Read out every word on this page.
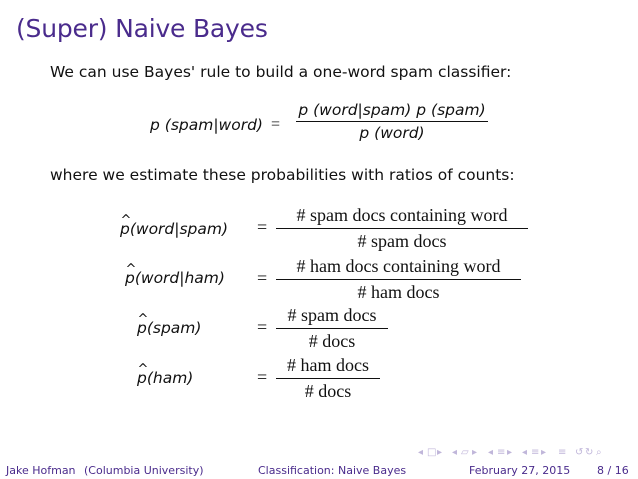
(Super) Naive Bayes
We can use Bayes' rule to build a one-word spam classifier:
p (spam|word) =
p (word|spam) p (spam)
p (word)
where we estimate these probabilities with ratios of counts:
^ p(word|spam) =
# spam docs containing word
# spam docs
^ p(word|ham) =
# ham docs containing word
# ham docs
^ p(spam)	=
# spam docs
# docs
^ p(ham)	=
# ham docs
# docs
◂ □ ▸ ◂ ▱ ▸ ◂ ≡ ▸ ◂ ≡ ▸ ≡ ↺ ↻ ⌕
Jake Hofman (Columbia University)	Classification: Naive Bayes	February 27, 2015 8 / 16
